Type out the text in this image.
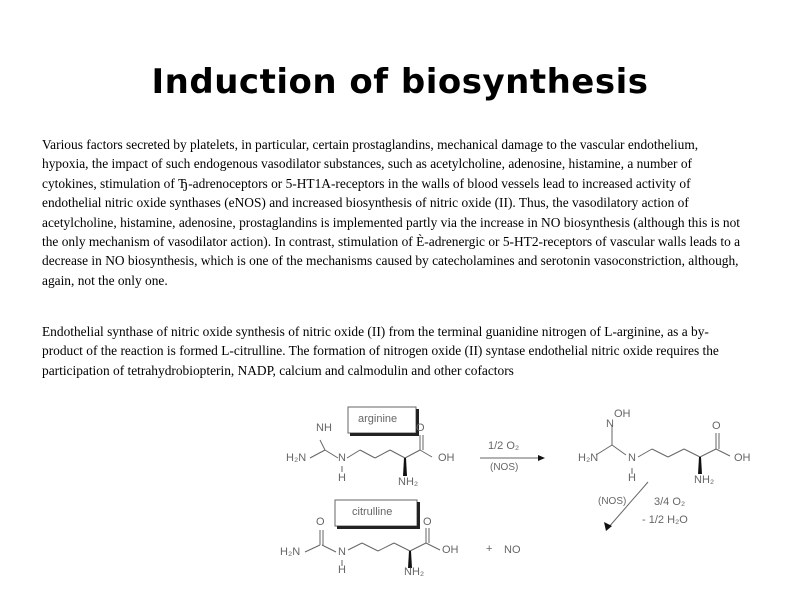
Induction of biosynthesis
Various factors secreted by platelets, in particular, certain prostaglandins, mechanical damage to the vascular endothelium, hypoxia, the impact of such endogenous vasodilator substances, such as acetylcholine, adenosine, histamine, a number of cytokines, stimulation of Ђ-adrenoceptors or 5-HT1A-receptors in the walls of blood vessels lead to increased activity of endothelial nitric oxide synthases (eNOS) and increased biosynthesis of nitric oxide (II). Thus, the vasodilatory action of acetylcholine, histamine, adenosine, prostaglandins is implemented partly via the increase in NO biosynthesis (although this is not the only mechanism of vasodilator action). In contrast, stimulation of È-adrenergic or 5-HT2-receptors of vascular walls leads to a decrease in NO biosynthesis, which is one of the mechanisms caused by catecholamines and serotonin vasoconstriction, although, again, not the only one.
Endothelial synthase of nitric oxide synthesis of nitric oxide (II) from the terminal guanidine nitrogen of L-arginine, as a by-product of the reaction is formed L-citrulline. The formation of nitrogen oxide (II) syntase endothelial nitric oxide requires the participation of tetrahydrobiopterin, NADP, calcium and calmodulin and other cofactors
arginine
NH
H₂N	N
H
O
OH
NH₂
1/2 O₂
(NOS)
OH
N
H₂N	N
H
O
OH
NH₂
(NOS)	3/4 O₂
- 1/2 H₂O
citrulline
O
H₂N	N
H
O
OH
NH₂
+ NO
